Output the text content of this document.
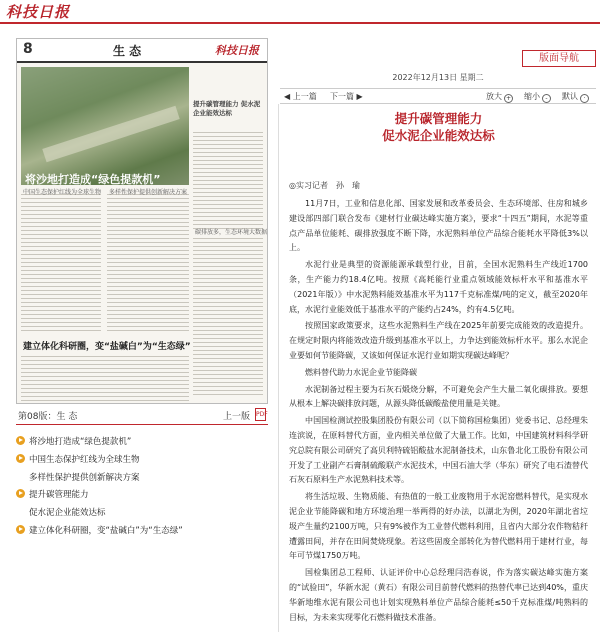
科技日报
8	生 态	科技日报
将沙地打造成“绿色提款机”
提升碳管理能力 促水泥企业能效达标
中国生态保护红线为全球生物 多样性保护提供创新解决方案
建立体化科研圈，变“盐碱白”为“生态绿”
碳排放多，生态环境大数据
第08版：生 态	上一版 PDF
将沙地打造成“绿色提款机”
中国生态保护红线为全球生物
多样性保护提供创新解决方案
提升碳管理能力
促水泥企业能效达标
建立体化科研圈，变“盐碱白”为“生态绿”
版面导航
2022年12月13日 星期二
◀ 上一篇 下一篇 ▶	放大 + 缩小 -	默认 ·
提升碳管理能力
促水泥企业能效达标
◎实习记者　孙　瑜

11月7日，工业和信息化部、国家发展和改革委员会、生态环境部、住房和城乡建设部四部门联合发布《建材行业碳达峰实施方案》，要求“十四五”期间，水泥等重点产品单位能耗、碳排放强度不断下降，水泥熟料单位产品综合能耗水平降低3%以上。

水泥行业是典型的资源能源承载型行业，目前，全国水泥熟料生产线近1700条，生产能力约18.4亿吨。按照《高耗能行业重点领域能效标杆水平和基准水平（2021年版）》中水泥熟料能效基准水平为117千克标准煤/吨的定义，截至2020年底，水泥行业能效低于基准水平的产能约占24%，约有4.5亿吨。

按照国家政策要求，这些水泥熟料生产线在2025年前要完成能效的改造提升。在规定时限内将能效改造升级到基准水平以上，力争达到能效标杆水平。那么水泥企业要如何节能降碳，又该如何保证水泥行业如期实现碳达峰呢？

燃料替代助力水泥企业节能降碳

水泥制备过程主要为石灰石煅烧分解，不可避免会产生大量二氧化碳排放。要想从根本上解决碳排放问题，从源头降低碳酸盐使用量是关键。

中国国检测试控股集团股份有限公司（以下简称国检集团）党委书记、总经理朱连滨说，在原料替代方面，业内相关单位做了大量工作。比如，中国建筑材料科学研究总院有限公司研究了高贝利特硫铝酸盐水泥制备技术，山东鲁北化工股份有限公司开发了工业副产石膏制硫酸联产水泥技术，中国石油大学（华东）研究了电石渣替代石灰石原料生产水泥熟料技术等。

将生活垃圾、生物质能、有热值的一般工业废物用于水泥窑燃料替代，是实现水泥企业节能降碳和地方环境治理一举两得的好办法，以湖北为例，2020年湖北省垃圾产生量约2100万吨，只有9%被作为工业替代燃料利用，且省内大部分农作物秸秆遭露田间，并存在田间焚烧现象。若这些固废全部转化为替代燃料用于建材行业，每年可节煤1750万吨。

国检集团总工程师、认证评价中心总经理闫浩春说，作为落实碳达峰实施方案的“试验田”，华新水泥（黄石）有限公司目前替代燃料的热替代率已达到40%，重庆华新地维水泥有限公司也计划实现熟料单位产品综合能耗≤50千克标准煤/吨熟料的目标，为未来实现零化石燃料做技术准备。
